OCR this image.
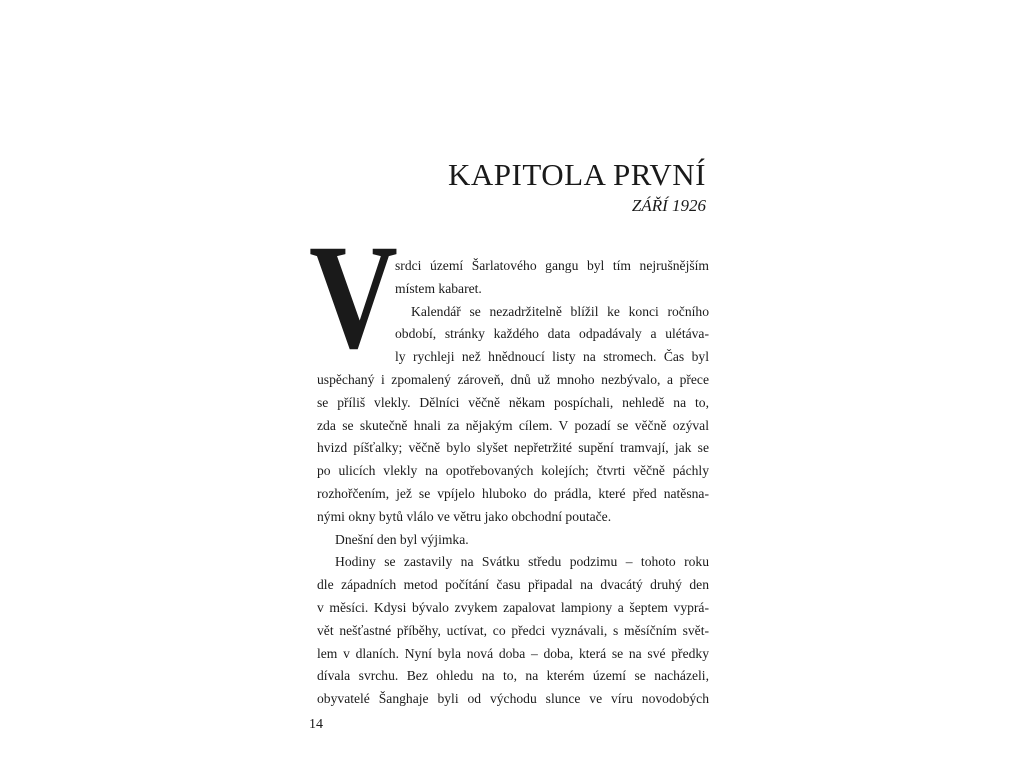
KAPITOLA PRVNÍ
ZÁŘÍ 1926
V
srdci území Šarlatového gangu byl tím nejrušnějším
místem kabaret.
Kalendář se nezadržitelně blížil ke konci ročního
období, stránky každého data odpadávaly a ulétáva-
ly rychleji než hnědnoucí listy na stromech. Čas byl
uspěchaný i zpomalený zároveň, dnů už mnoho nezbývalo, a přece
se příliš vlekly. Dělníci věčně někam pospíchali, nehledě na to,
zda se skutečně hnali za nějakým cílem. V pozadí se věčně ozýval
hvizd píšťalky; věčně bylo slyšet nepřetržité supění tramvají, jak se
po ulicích vlekly na opotřebovaných kolejích; čtvrti věčně páchly
rozhořčením, jež se vpíjelo hluboko do prádla, které před natěsna-
nými okny bytů vlálo ve větru jako obchodní poutače.
Dnešní den byl výjimka.
Hodiny se zastavily na Svátku středu podzimu – tohoto roku
dle západních metod počítání času připadal na dvacátý druhý den
v měsíci. Kdysi bývalo zvykem zapalovat lampiony a šeptem vyprá-
vět nešťastné příběhy, uctívat, co předci vyznávali, s měsíčním svět-
lem v dlaních. Nyní byla nová doba – doba, která se na své předky
dívala svrchu. Bez ohledu na to, na kterém území se nacházeli,
obyvatelé Šanghaje byli od východu slunce ve víru novodobých
14
